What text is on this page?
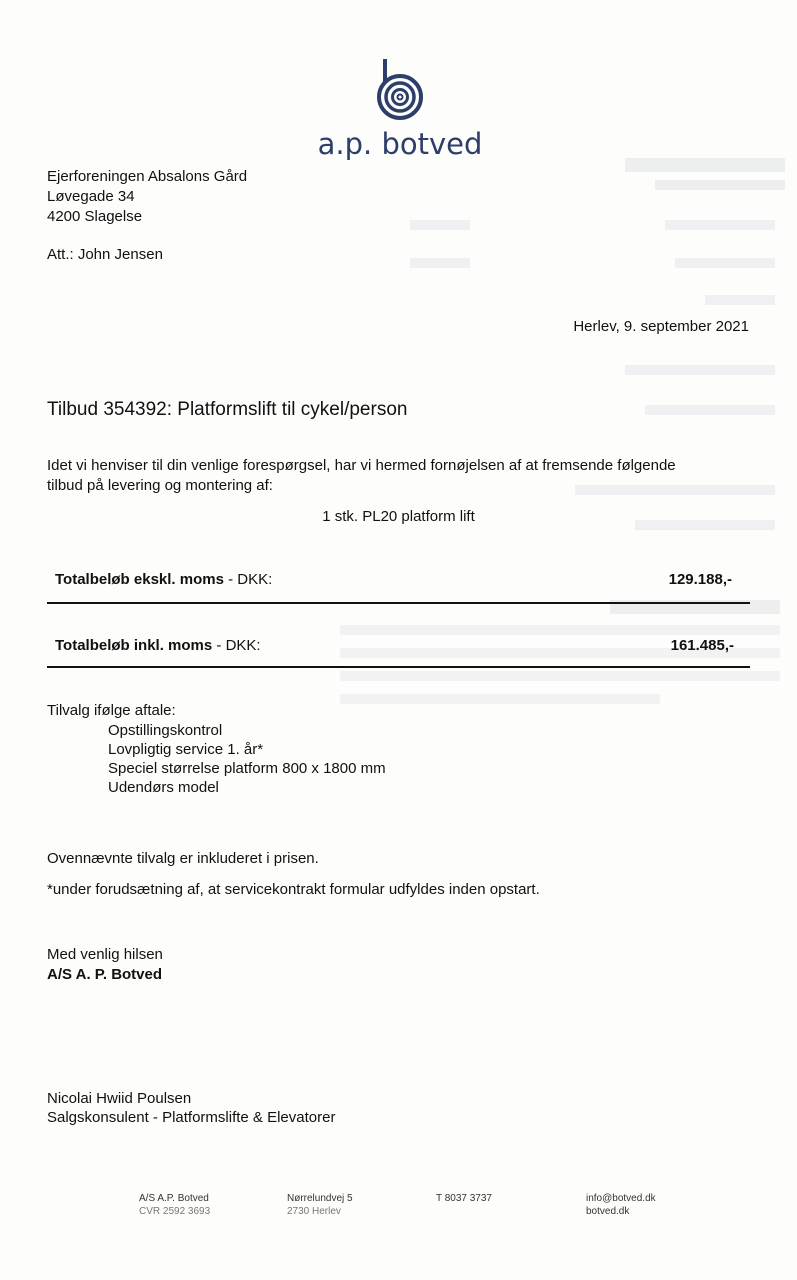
a.p. botved
Ejerforeningen Absalons Gård
Løvegade 34
4200 Slagelse
Att.: John Jensen
Herlev, 9. september 2021
Tilbud 354392: Platformslift til cykel/person
Idet vi henviser til din venlige forespørgsel, har vi hermed fornøjelsen af at fremsende følgende
tilbud på levering og montering af:
1 stk. PL20 platform lift
Totalbeløb ekskl. moms - DKK:	129.188,-
Totalbeløb inkl. moms - DKK:	161.485,-
Tilvalg ifølge aftale:
Opstillingskontrol
Lovpligtig service 1. år*
Speciel størrelse platform 800 x 1800 mm
Udendørs model
Ovennævnte tilvalg er inkluderet i prisen.
*under forudsætning af, at servicekontrakt formular udfyldes inden opstart.
Med venlig hilsen
A/S A. P. Botved
Nicolai Hwiid Poulsen
Salgskonsulent - Platformslifte & Elevatorer
A/S A.P. Botved
CVR 2592 3693
Nørrelundvej 5
2730 Herlev
T 8037 3737	info@botved.dk
botved.dk
